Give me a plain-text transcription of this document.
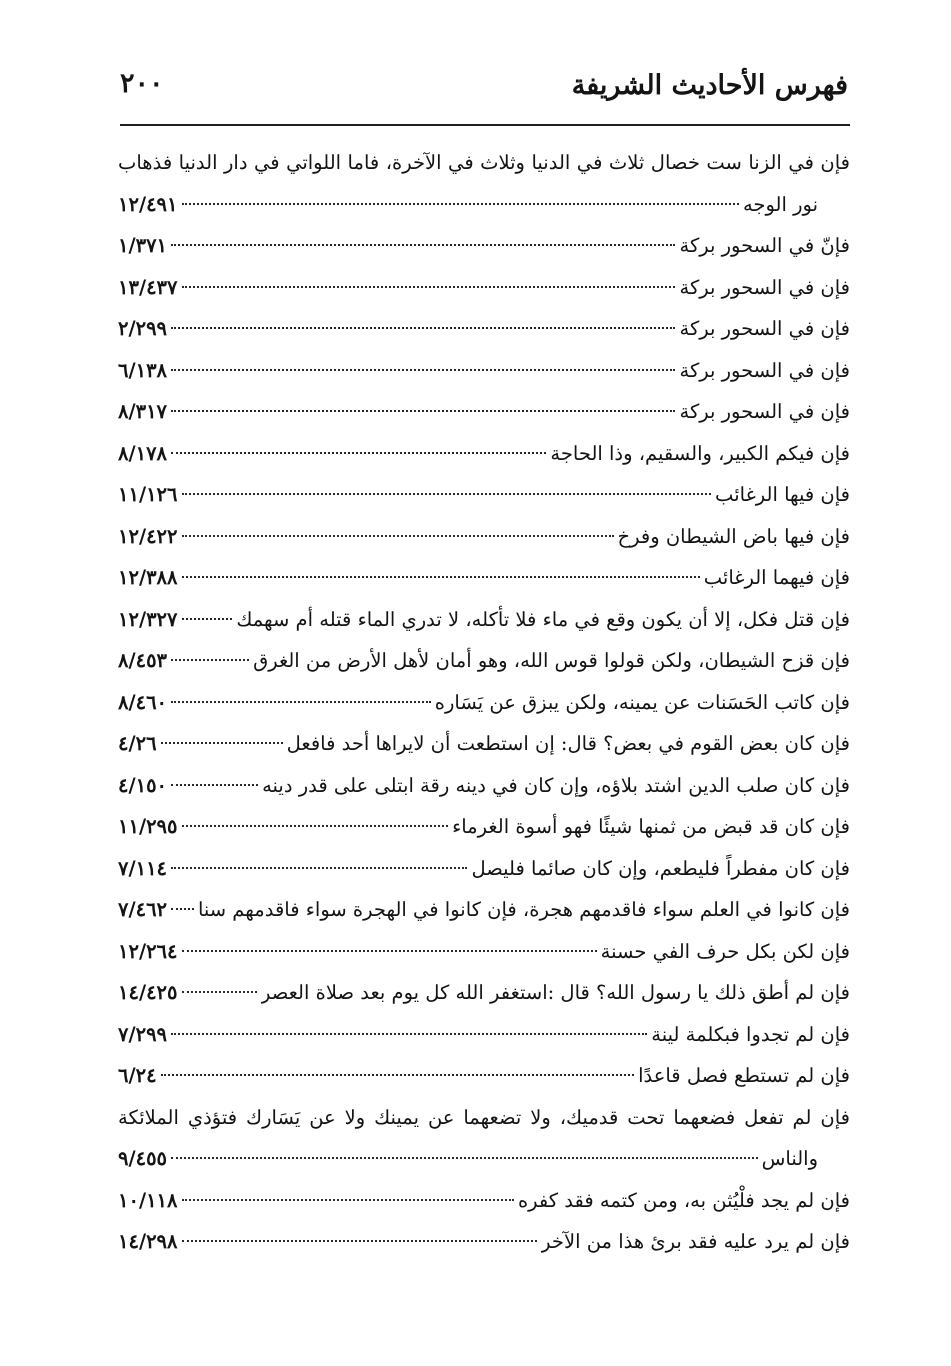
فهرس الأحاديث الشريفة
٢٠٠
فإن في الزنا ست خصال ثلاث في الدنيا وثلاث في الآخرة، فاما اللواتي في دار الدنيا فذهاب
نور الوجه
١٢/٤٩١
فإنّ في السحور بركة
١/٣٧١
فإن في السحور بركة
١٣/٤٣٧
فإن في السحور بركة
٢/٢٩٩
فإن في السحور بركة
٦/١٣٨
فإن في السحور بركة
٨/٣١٧
فإن فيكم الكبير، والسقيم، وذا الحاجة
٨/١٧٨
فإن فيها الرغائب
١١/١٢٦
فإن فيها باض الشيطان وفرخ
١٢/٤٢٢
فإن فيهما الرغائب
١٢/٣٨٨
فإن قتل فكل، إلا أن يكون وقع في ماء فلا تأكله، لا تدري الماء قتله أم سهمك
١٢/٣٢٧
فإن قزح الشيطان، ولكن قولوا قوس الله، وهو أمان لأهل الأرض من الغرق
٨/٤٥٣
فإن كاتب الحَسَنات عن يمينه، ولكن يبزق عن يَسَاره
٨/٤٦٠
فإن كان بعض القوم في بعض؟ قال: إن استطعت أن لايراها أحد فافعل
٤/٢٦
فإن كان صلب الدين اشتد بلاؤه، وإن كان في دينه رقة ابتلى على قدر دينه
٤/١٥٠
فإن كان قد قبض من ثمنها شيئًا فهو أسوة الغرماء
١١/٢٩٥
فإن كان مفطراً فليطعم، وإن كان صائما فليصل
٧/١١٤
فإن كانوا في العلم سواء فاقدمهم هجرة، فإن كانوا في الهجرة سواء فاقدمهم سنا
٧/٤٦٢
فإن لكن بكل حرف الفي حسنة
١٢/٢٦٤
فإن لم أطق ذلك يا رسول الله؟ قال :استغفر الله كل يوم بعد صلاة العصر
١٤/٤٢٥
فإن لم تجدوا فبكلمة لينة
٧/٢٩٩
فإن لم تستطع فصل قاعدًا
٦/٢٤
فإن لم تفعل فضعهما تحت قدميك، ولا تضعهما عن يمينك ولا عن يَسَارك فتؤذي الملائكة
والناس
٩/٤٥٥
فإن لم يجد فلْيُثن به، ومن كتمه فقد كفره
١٠/١١٨
فإن لم يرد عليه فقد برئ هذا من الآخر
١٤/٢٩٨
